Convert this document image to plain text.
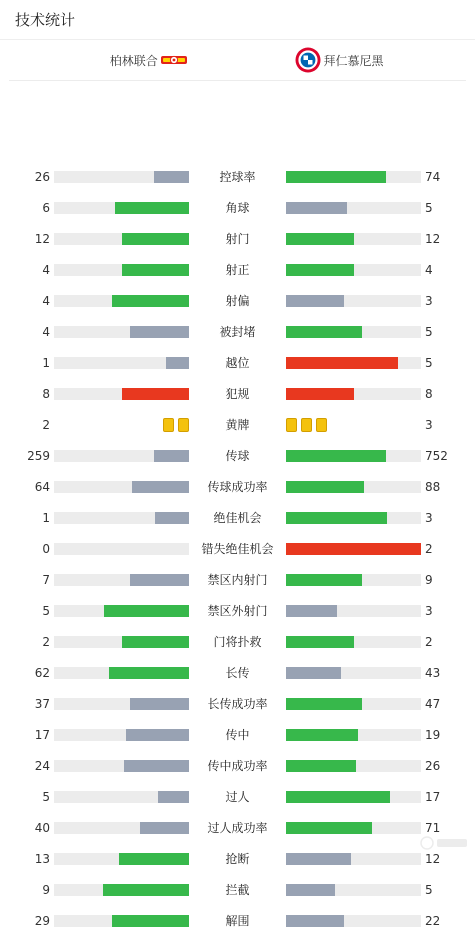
技术统计
柏林联合	拜仁慕尼黑
26	控球率	74
6	角球	5
12	射门	12
4	射正	4
4	射偏	3
4	被封堵	5
1	越位	5
8	犯规	8
2	黄牌	3
259	传球	752
64	传球成功率	88
1	绝佳机会	3
0	错失绝佳机会	2
7	禁区内射门	9
5	禁区外射门	3
2	门将扑救	2
62	长传	43
37	长传成功率	47
17	传中	19
24	传中成功率	26
5	过人	17
40	过人成功率	71
13	抢断	12
9	拦截	5
29	解围	22
